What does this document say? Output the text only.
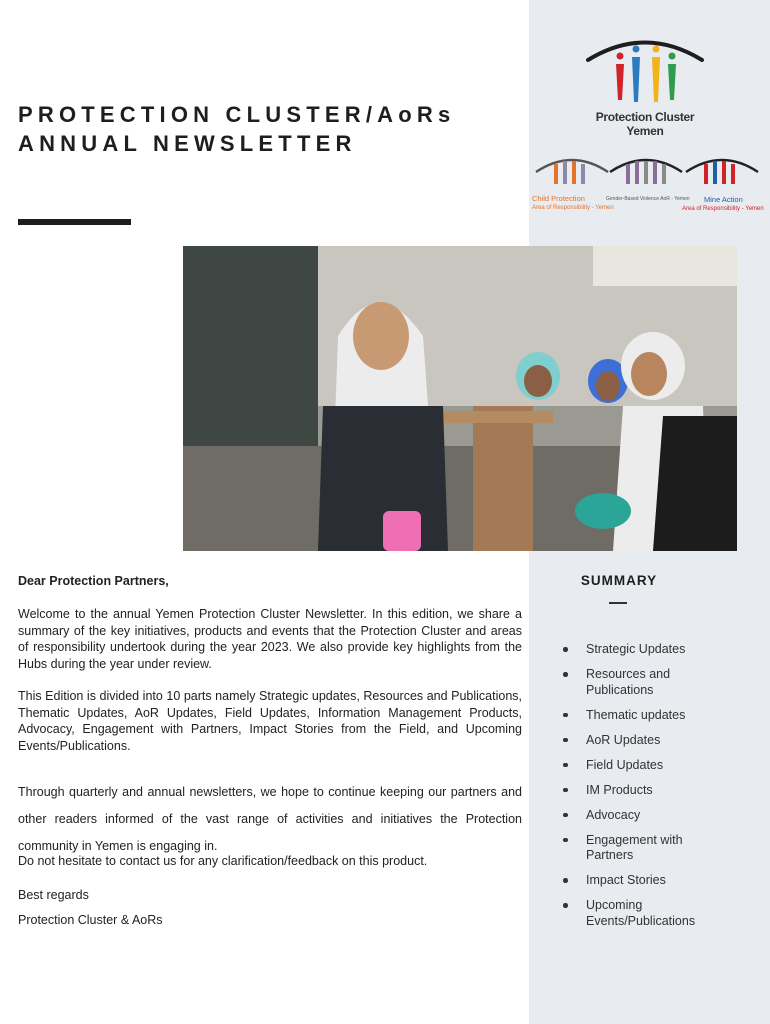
PROTECTION CLUSTER/AoRs
ANNUAL NEWSLETTER
Protection Cluster Yemen
Child Protection
Area of Responsibility - Yemen
Gender-Based Violence AoR - Yemen Mine Action
Area of Responsibility - Yemen
Dear Protection Partners,
Welcome to the annual Yemen Protection Cluster Newsletter. In this edition, we share a summary of the key initiatives, products and events that the Protection Cluster and areas of responsibility undertook during the year 2023. We also provide key highlights from the Hubs during the year under review.
This Edition is divided into 10 parts namely Strategic updates, Resources and Publications, Thematic Updates, AoR Updates, Field Updates, Information Management Products, Advocacy, Engagement with Partners, Impact Stories from the Field, and Upcoming Events/Publications.
Through quarterly and annual newsletters, we hope to continue keeping our partners and other readers informed of the vast range of activities and initiatives the Protection community in Yemen is engaging in.
Do not hesitate to contact us for any clarification/feedback on this product.
Best regards
Protection Cluster & AoRs
SUMMARY
Strategic Updates
Resources and Publications
Thematic updates
AoR Updates
Field Updates
IM Products
Advocacy
Engagement with Partners
Impact Stories
Upcoming Events/Publications
